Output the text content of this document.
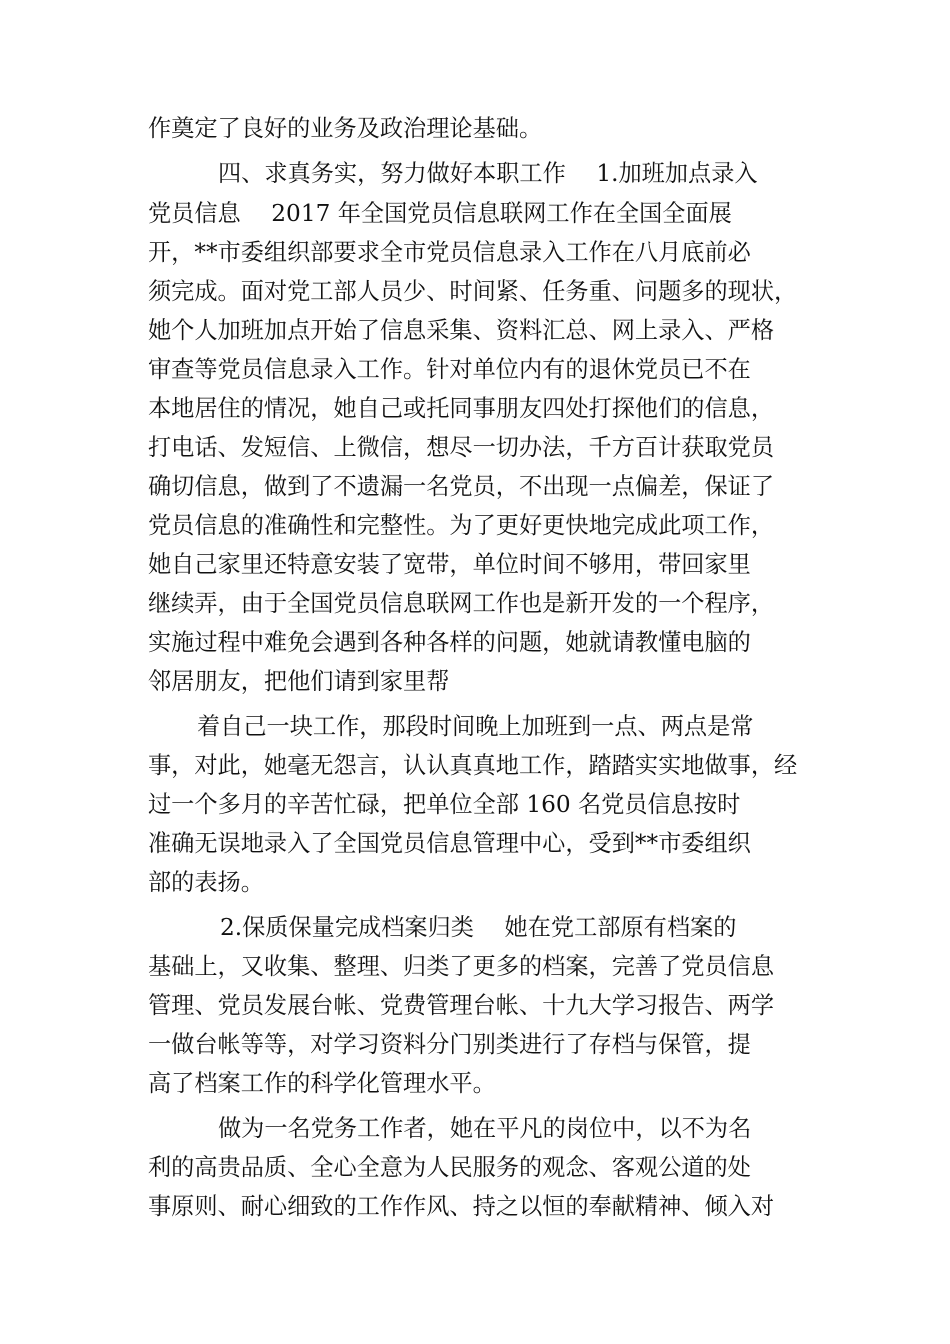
作奠定了良好的业务及政治理论基础。
四、求真务实，努力做好本职工作　 1.加班加点录入
党员信息　 2017 年全国党员信息联网工作在全国全面展
开，**市委组织部要求全市党员信息录入工作在八月底前必
须完成。面对党工部人员少、时间紧、任务重、问题多的现状，
她个人加班加点开始了信息采集、资料汇总、网上录入、严格
审查等党员信息录入工作。针对单位内有的退休党员已不在
本地居住的情况，她自己或托同事朋友四处打探他们的信息，
打电话、发短信、上微信，想尽一切办法，千方百计获取党员
确切信息，做到了不遗漏一名党员，不出现一点偏差，保证了
党员信息的准确性和完整性。为了更好更快地完成此项工作，
她自己家里还特意安装了宽带，单位时间不够用，带回家里
继续弄，由于全国党员信息联网工作也是新开发的一个程序，
实施过程中难免会遇到各种各样的问题，她就请教懂电脑的
邻居朋友，把他们请到家里帮
着自己一块工作，那段时间晚上加班到一点、两点是常
事，对此，她毫无怨言，认认真真地工作，踏踏实实地做事，经
过一个多月的辛苦忙碌，把单位全部 160 名党员信息按时
准确无误地录入了全国党员信息管理中心，受到**市委组织
部的表扬。
2.保质保量完成档案归类　 她在党工部原有档案的
基础上，又收集、整理、归类了更多的档案，完善了党员信息
管理、党员发展台帐、党费管理台帐、十九大学习报告、两学
一做台帐等等，对学习资料分门别类进行了存档与保管，提
高了档案工作的科学化管理水平。
做为一名党务工作者，她在平凡的岗位中，以不为名
利的高贵品质、全心全意为人民服务的观念、客观公道的处
事原则、耐心细致的工作作风、持之以恒的奉献精神、倾入对
